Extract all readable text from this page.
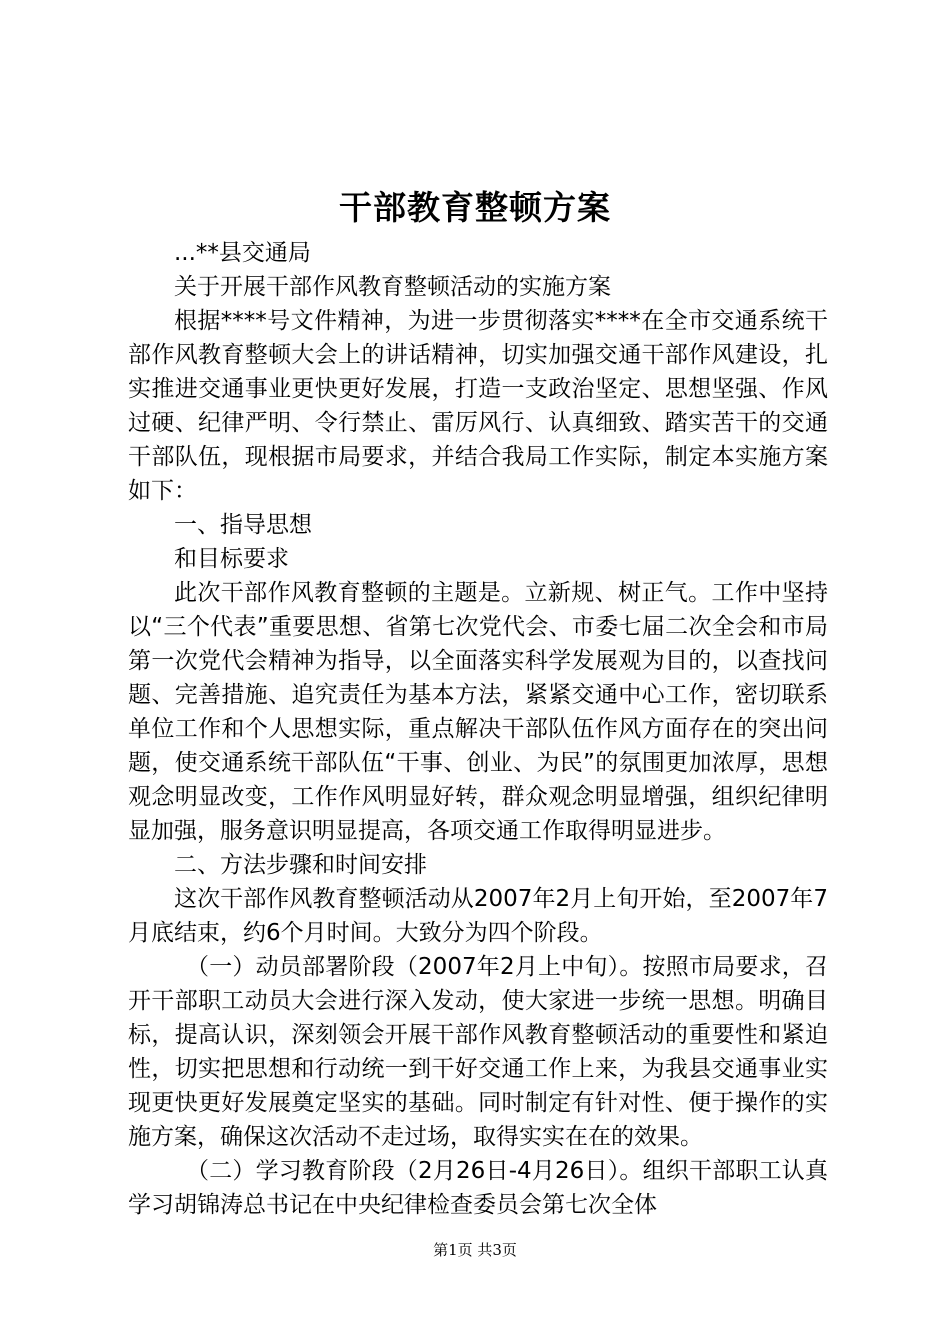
干部教育整顿方案

...**县交通局

关于开展干部作风教育整顿活动的实施方案

根据****号文件精神，为进一步贯彻落实****在全市交通系统干部作风教育整顿大会上的讲话精神，切实加强交通干部作风建设，扎实推进交通事业更快更好发展，打造一支政治坚定、思想坚强、作风过硬、纪律严明、令行禁止、雷厉风行、认真细致、踏实苦干的交通干部队伍，现根据市局要求，并结合我局工作实际，制定本实施方案如下：

一、指导思想

和目标要求

此次干部作风教育整顿的主题是。立新规、树正气。工作中坚持以“三个代表”重要思想、省第七次党代会、市委七届二次全会和市局第一次党代会精神为指导，以全面落实科学发展观为目的，以查找问题、完善措施、追究责任为基本方法，紧紧交通中心工作，密切联系单位工作和个人思想实际，重点解决干部队伍作风方面存在的突出问题，使交通系统干部队伍“干事、创业、为民”的氛围更加浓厚，思想观念明显改变，工作作风明显好转，群众观念明显增强，组织纪律明显加强，服务意识明显提高，各项交通工作取得明显进步。

二、方法步骤和时间安排

这次干部作风教育整顿活动从2007年2月上旬开始，至2007年7月底结束，约6个月时间。大致分为四个阶段。

（一）动员部署阶段（2007年2月上中旬）。按照市局要求，召开干部职工动员大会进行深入发动，使大家进一步统一思想。明确目标，提高认识，深刻领会开展干部作风教育整顿活动的重要性和紧迫性，切实把思想和行动统一到干好交通工作上来，为我县交通事业实现更快更好发展奠定坚实的基础。同时制定有针对性、便于操作的实施方案，确保这次活动不走过场，取得实实在在的效果。

（二）学习教育阶段（2月26日-4月26日）。组织干部职工认真学习胡锦涛总书记在中央纪律检查委员会第七次全体

第1页 共3页
